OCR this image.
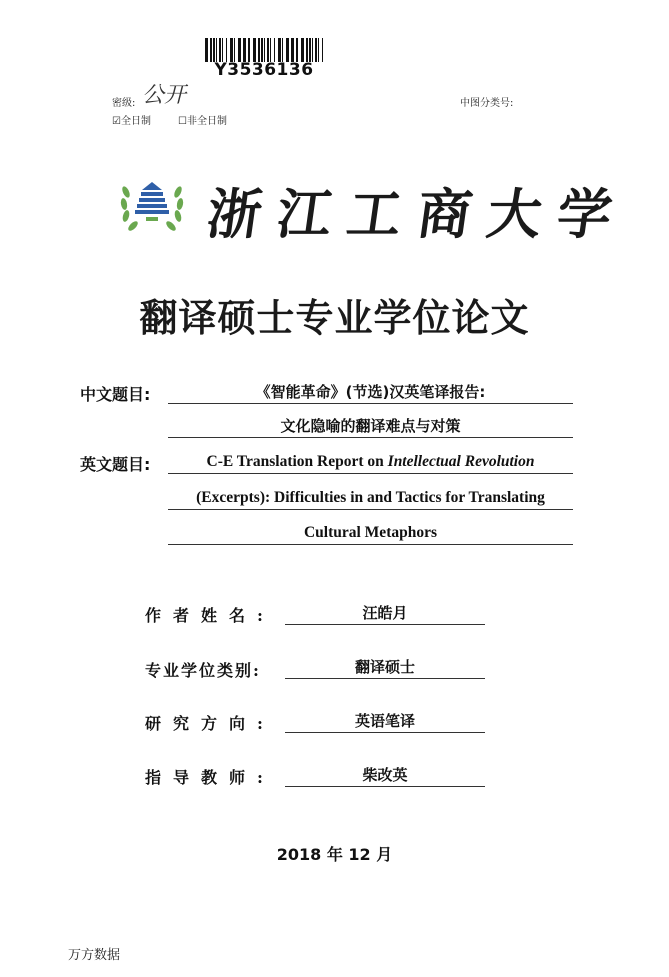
Y3536136
密级: 公开	中图分类号:
☑全日制	☐非全日制
浙江工商大学
翻译硕士专业学位论文
中文题目:	《智能革命》(节选)汉英笔译报告:
文化隐喻的翻译难点与对策
英文题目:	C-E Translation Report on Intellectual Revolution
(Excerpts): Difficulties in and Tactics for Translating
Cultural Metaphors
作者姓名:	汪皓月
专业学位类别:	翻译硕士
研究方向:	英语笔译
指导教师:	柴改英
2018 年 12 月
万方数据
